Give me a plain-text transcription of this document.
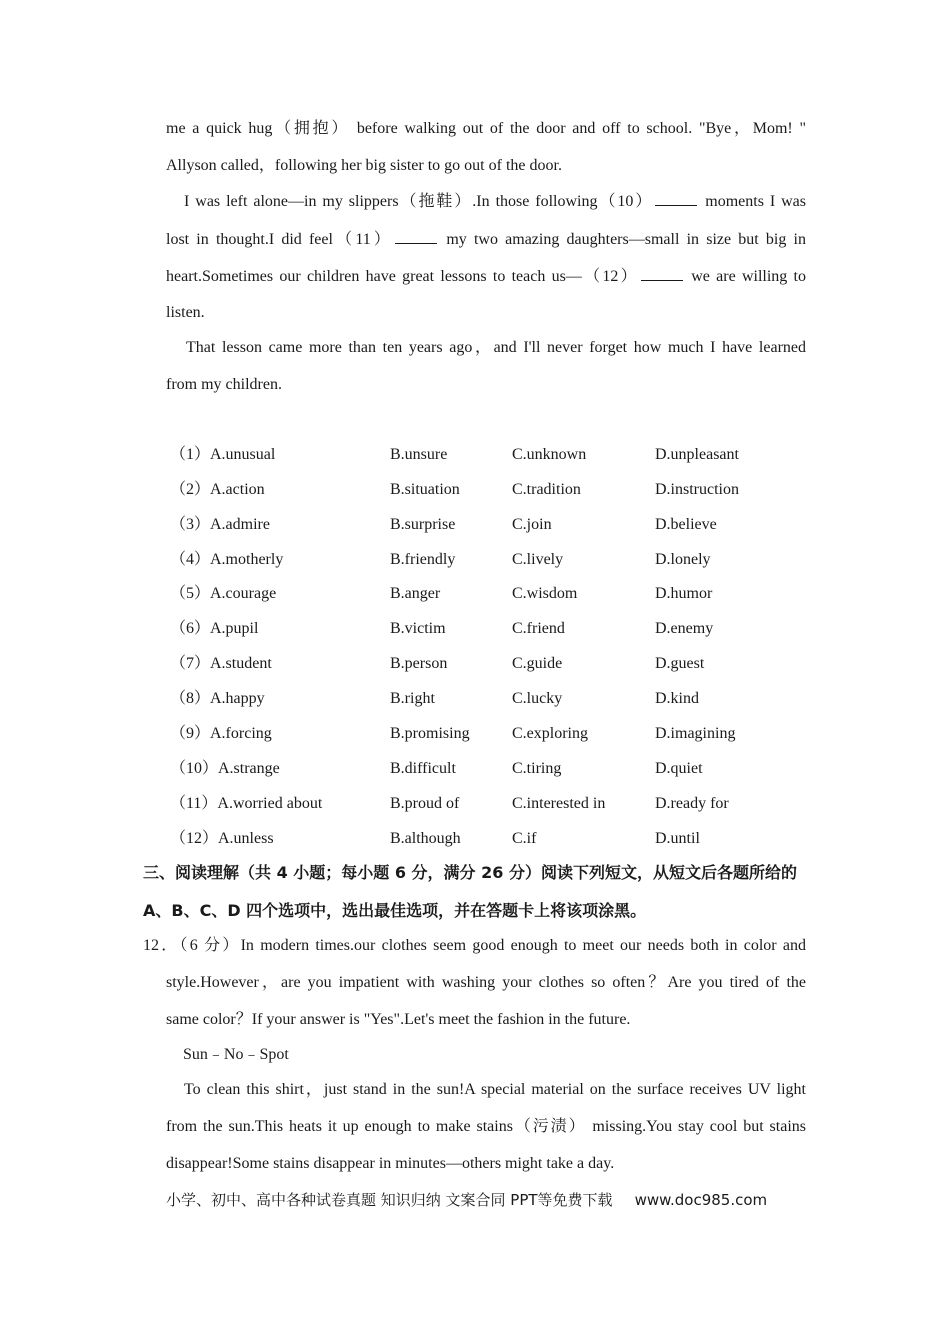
me a quick hug（拥抱） before walking out of the door and off to school. "Bye，Mom! "
Allyson called，following her big sister to go out of the door.
I was left alone—in my slippers（拖鞋）.In those following（10）	moments I was
lost in thought.I did feel（11）	my two amazing daughters—small in size but big in
heart.Sometimes our children have great lessons to teach us—（12）	we are willing to
listen.
That lesson came more than ten years ago，and I'll never forget how much I have learned
from my children.
（1）A.unusual	B.unsure	C.unknown	D.unpleasant
（2）A.action	B.situation	C.tradition	D.instruction
（3）A.admire	B.surprise	C.join	D.believe
（4）A.motherly	B.friendly	C.lively	D.lonely
（5）A.courage	B.anger	C.wisdom	D.humor
（6）A.pupil	B.victim	C.friend	D.enemy
（7）A.student	B.person	C.guide	D.guest
（8）A.happy	B.right	C.lucky	D.kind
（9）A.forcing	B.promising	C.exploring	D.imagining
（10）A.strange	B.difficult	C.tiring	D.quiet
（11）A.worried about	B.proud of	C.interested in	D.ready for
（12）A.unless	B.although	C.if	D.until
三、阅读理解（共 4 小题；每小题 6 分，满分 26 分）阅读下列短文，从短文后各题所给的
A、B、C、D 四个选项中，选出最佳选项，并在答题卡上将该项涂黑。
12．（6 分）In modern times.our clothes seem good enough to meet our needs both in color and
style.However，are you impatient with washing your clothes so often？Are you tired of the
same color？If your answer is "Yes".Let's meet the fashion in the future.
Sun﹣No﹣Spot
To clean this shirt，just stand in the sun!A special material on the surface receives UV light
from the sun.This heats it up enough to make stains（污渍） missing.You stay cool but stains
disappear!Some stains disappear in minutes—others might take a day.
小学、初中、高中各种试卷真题 知识归纳 文案合同 PPT等免费下载 www.doc985.com
